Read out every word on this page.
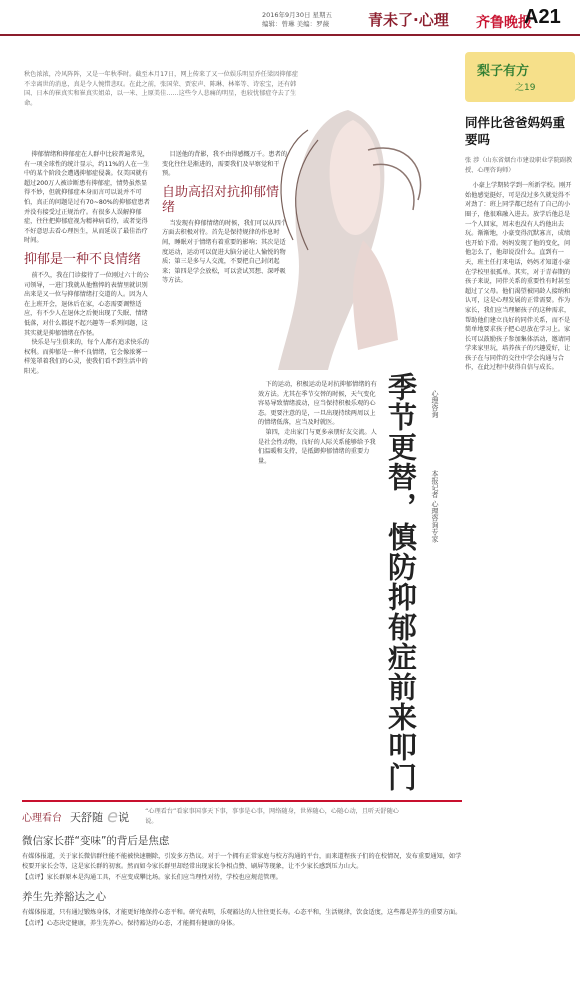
2016年9月30日 星期五
编辑：曾琳 美编：罗薇	青未了·心理 齐鲁晚报
A21
秋色浓浓，冷风阵阵，又是一年秋季时。截至本月17日，网上传来了又一位娱乐明星乔任梁因抑郁症不幸离世的消息，真是令人惋惜悲叹。在此之前，张国荣、贾宏声、陈琳、林峯等、诗宏宝，还有韩国、日本的崔真实和崔真实姐弟，以一米、上原美佳……这些令人悲痛的明星，也较忧郁症夺去了生命。

抑郁情绪和抑郁症在人群中比较普遍常见，有一项全球性的统计显示，约11%的人在一生中的某个阶段会遭遇抑郁症侵袭。仅美国就有超过200万人被诊断患有抑郁症，情势虽然显得不妙，但就抑郁症本身而言可以说并不可怕，真正的问题是过有70~80%的抑郁症患者并没有接受过正规治疗。有很多人误解抑郁症，往往把抑郁症视为精神病看待，或者觉得不好意思去看心理医生，从而延误了最佳治疗时间。

抑郁是一种不良情绪

前不久，我在门诊接待了一位刚过六十的公司领导，一进门我就从他憔悴的表情里就识别出来是又一位与抑郁情绪打交道的人。因为人在上班开会，退休后在家，心态需要调整适应，有不少人在退休之后便出现了失眠、情绪低落，对什么都提不起兴趣等一系列问题，这其实就是抑郁情绪在作怪。

快乐是与生俱来的，每个人都有追求快乐的权利。而抑郁是一种不良情绪，它会像浓雾一样笼罩着我们的心灵，使我们看不到生活中的阳光。

目送他的背影，我不由得感慨万千。患者的变化往往是渐进的，需要我们及早察觉和干预。

自助高招对抗抑郁情绪

当发现有抑郁情绪的时候，我们可以从四个方面去积极对待。首先是保持规律的作息时间，睡眠对于情绪有着重要的影响；其次是适度运动，运动可以促进大脑分泌让人愉悦的物质；第三是多与人交流，不要把自己封闭起来；第四是学会放松，可以尝试冥想、深呼吸等方法。

下的运动，积极运动是对抗抑郁情绪的有效方法。尤其在季节交替的时候，天气变化容易导致情绪波动，应当保持积极乐观的心态。更要注意的是，一旦出现持续两周以上的情绪低落，应当及时就医。

第四，走出家门与更多亲朋好友交流。人是社会性动物，良好的人际关系能够给予我们温暖和支持，是抵御抑郁情绪的重要力量。	季节更替，慎防抑郁症前来叩门 心理咨询
本报记者 心理咨询专家
梨子有方
之19
同伴比爸爸妈妈重要吗
张 涉（山东省烟台市建设职业学院副教授、心理咨询师）
小豪上学期转学到一所新学校。刚开始他感觉挺好，可是没过多久就觉得不对劲了：班上同学都已经有了自己的小圈子，他很难融入进去。放学后他总是一个人回家，周末也没有人约他出去玩。渐渐地，小豪变得沉默寡言，成绩也开始下滑。妈妈发现了他的变化，问他怎么了，他却说没什么。直到有一天，班主任打来电话，妈妈才知道小豪在学校里很孤单。其实，对于青春期的孩子来说，同伴关系的重要性有时甚至超过了父母。他们渴望被同龄人接纳和认可，这是心理发展的正常需要。作为家长，我们应当理解孩子的这种需求，帮助他们建立良好的同伴关系，而不是简单地要求孩子把心思放在学习上。家长可以鼓励孩子参加集体活动，邀请同学来家里玩，培养孩子的兴趣爱好，让孩子在与同伴的交往中学会沟通与合作，在此过程中获得自信与成长。
心理看台 天舒随 e 说	“心理看台”看家事国事天下事，事事是心事，网络随身，世界随心，心随心动，且听天舒随心说。
微信家长群“变味”的背后是焦虑
有媒体报道，关于家长微信群往能不能被快速删除，引发多方热议。对于一个拥有正常家庭与校方沟通的平台，而来道程孩子们的在校情况，发布重要通知，如学校要开家长会等，这是家长群的初衷。然而如今家长群里却经常出现家长争相点赞、刷屏等现象，让不少家长感到压力山大。
【点评】家长群原本是沟通工具，不应变成攀比场。家长们应当理性对待，学校也应规范管理。
养生先养豁达之心
有媒体报道，只有通过锻炼身体，才能更好地保持心态平和。研究表明，乐观豁达的人往往更长寿。心态平和，生活规律，饮食适度，这些都是养生的重要方面。
【点评】心态决定健康，养生先养心。保持豁达的心态，才能拥有健康的身体。
